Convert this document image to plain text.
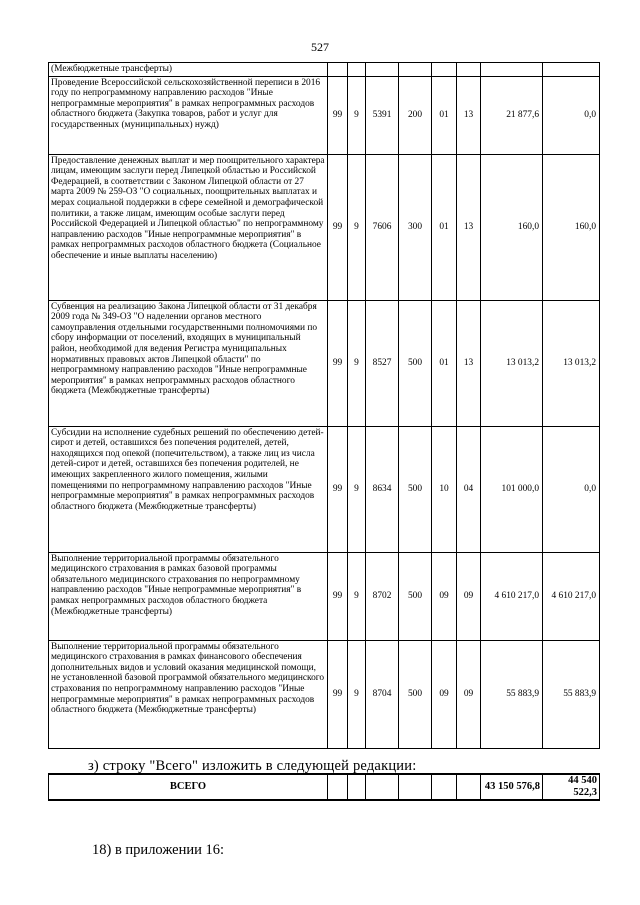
527
(Межбюджетные трансферты)								
Проведение Всероссийской сельскохозяйственной переписи в 2016 году по непрограммному направлению расходов "Иные непрограммные мероприятия" в рамках непрограммных расходов областного бюджета (Закупка товаров, работ и услуг для государственных (муниципальных) нужд)	99	9	5391	200	01	13	21 877,6	0,0
Предоставление денежных выплат и мер поощрительного характера лицам, имеющим заслуги перед Липецкой областью и Российской Федерацией, в соответствии с Законом Липецкой области от 27 марта 2009 № 259-ОЗ "О социальных, поощрительных выплатах и мерах социальной поддержки в сфере семейной и демографической политики, а также лицам, имеющим особые заслуги перед Российской Федерацией и Липецкой областью" по непрограммному направлению расходов "Иные непрограммные мероприятия" в рамках непрограммных расходов областного бюджета (Социальное обеспечение и иные выплаты населению)	99	9	7606	300	01	13	160,0	160,0
Субвенция на реализацию Закона Липецкой области от 31 декабря 2009 года № 349-ОЗ "О наделении органов местного самоуправления отдельными государственными полномочиями по сбору информации от поселений, входящих в муниципальный район, необходимой для ведения Регистра муниципальных нормативных правовых актов Липецкой области" по непрограммному направлению расходов "Иные непрограммные мероприятия" в рамках непрограммных расходов областного бюджета (Межбюджетные трансферты)	99	9	8527	500	01	13	13 013,2	13 013,2
Субсидии на исполнение судебных решений по обеспечению детей-сирот и детей, оставшихся без попечения родителей, детей, находящихся под опекой (попечительством), а также лиц из числа детей-сирот и детей, оставшихся без попечения родителей, не имеющих закрепленного жилого помещения, жилыми помещениями по непрограммному направлению расходов "Иные непрограммные мероприятия" в рамках непрограммных расходов областного бюджета (Межбюджетные трансферты)	99	9	8634	500	10	04	101 000,0	0,0
Выполнение территориальной программы обязательного медицинского страхования в рамках базовой программы обязательного медицинского страхования по непрограммному направлению расходов "Иные непрограммные мероприятия" в рамках непрограммных расходов областного бюджета (Межбюджетные трансферты)	99	9	8702	500	09	09	4 610 217,0	4 610 217,0
Выполнение территориальной программы обязательного медицинского страхования в рамках финансового обеспечения дополнительных видов и условий оказания медицинской помощи, не установленной базовой программой обязательного медицинского страхования по непрограммному направлению расходов "Иные непрограммные мероприятия" в рамках непрограммных расходов областного бюджета (Межбюджетные трансферты)	99	9	8704	500	09	09	55 883,9	55 883,9
з) строку "Всего" изложить в следующей редакции:
ВСЕГО							43 150 576,8	44 540 522,3
18) в приложении 16:
